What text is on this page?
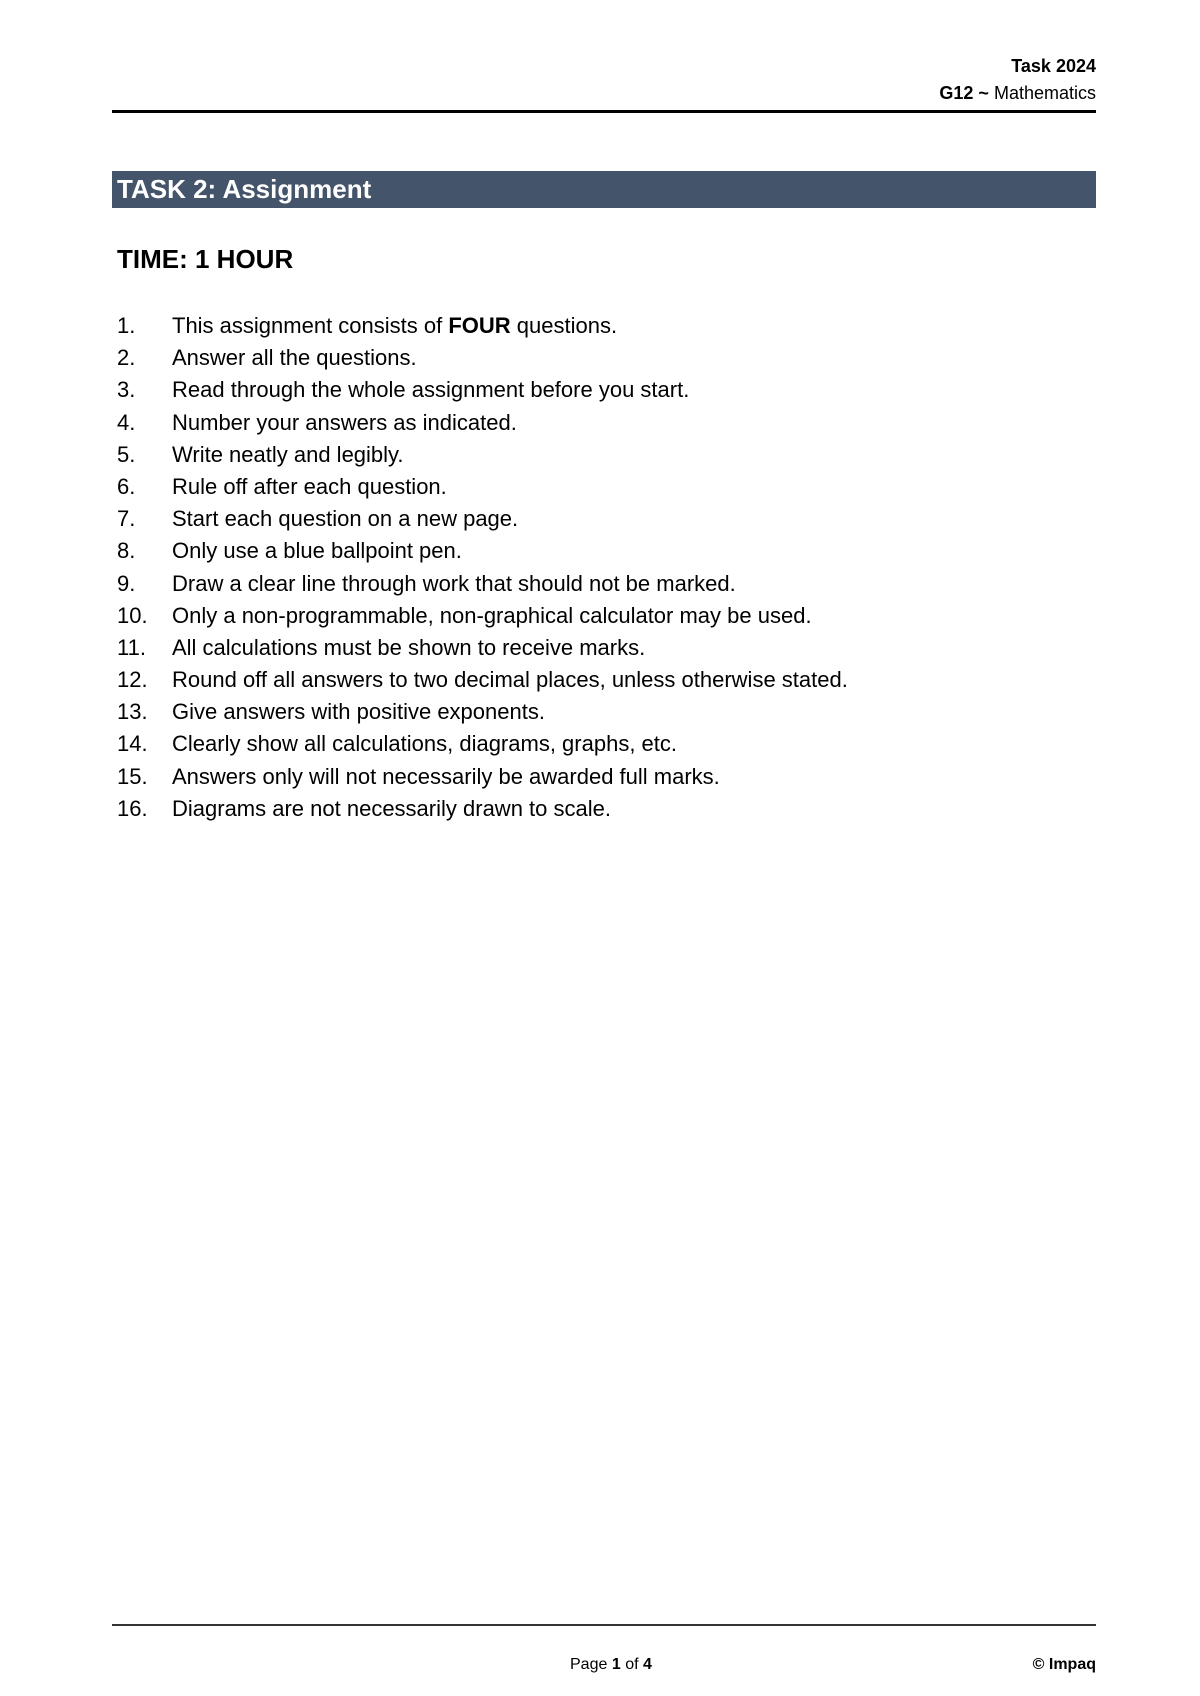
Task 2024
G12 ~ Mathematics
TASK 2: Assignment
TIME: 1 HOUR
1.	This assignment consists of FOUR questions.
2.	Answer all the questions.
3.	Read through the whole assignment before you start.
4.	Number your answers as indicated.
5.	Write neatly and legibly.
6.	Rule off after each question.
7.	Start each question on a new page.
8.	Only use a blue ballpoint pen.
9.	Draw a clear line through work that should not be marked.
10.	Only a non-programmable, non-graphical calculator may be used.
11.	All calculations must be shown to receive marks.
12.	Round off all answers to two decimal places, unless otherwise stated.
13.	Give answers with positive exponents.
14.	Clearly show all calculations, diagrams, graphs, etc.
15.	Answers only will not necessarily be awarded full marks.
16.	Diagrams are not necessarily drawn to scale.
Page 1 of 4	© Impaq
